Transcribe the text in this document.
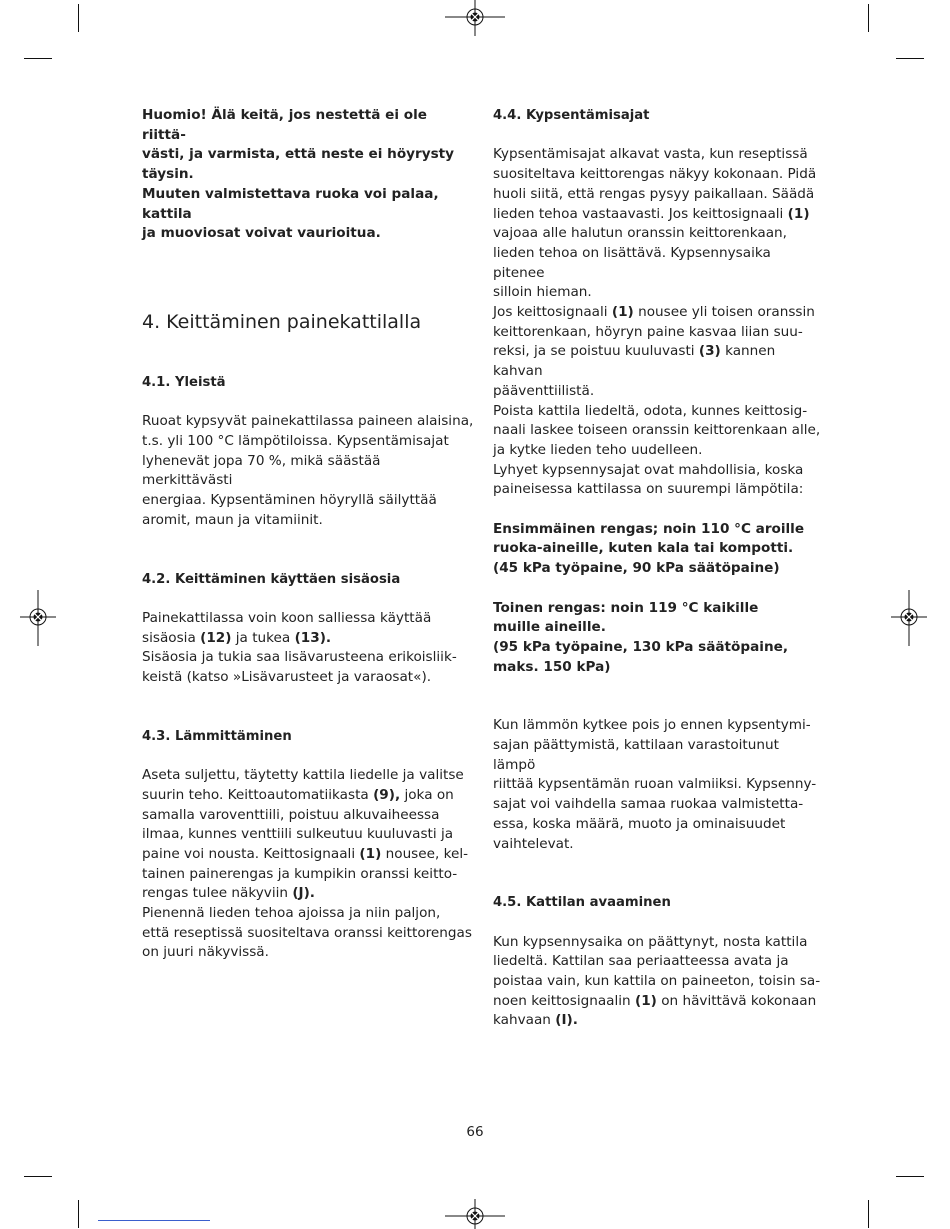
Huomio! Älä keitä, jos nestettä ei ole riittä-
västi, ja varmista, että neste ei höyrysty täysin.
Muuten valmistettava ruoka voi palaa, kattila
ja muoviosat voivat vaurioitua.

4. Keittäminen painekattilalla
4.1. Yleistä

Ruoat kypsyvät painekattilassa paineen alaisina,
t.s. yli 100 °C lämpötiloissa. Kypsentämisajat
lyhenevät jopa 70 %, mikä säästää merkittävästi
energiaa. Kypsentäminen höyryllä säilyttää
aromit, maun ja vitamiinit.

4.2. Keittäminen käyttäen sisäosia

Painekattilassa voin koon salliessa käyttää
sisäosia (12) ja tukea (13).
Sisäosia ja tukia saa lisävarusteena erikoisliik-
keistä (katso »Lisävarusteet ja varaosat«).

4.3. Lämmittäminen

Aseta suljettu, täytetty kattila liedelle ja valitse
suurin teho. Keittoautomatiikasta (9), joka on
samalla varoventtiili, poistuu alkuvaiheessa
ilmaa, kunnes venttiili sulkeutuu kuuluvasti ja
paine voi nousta. Keittosignaali (1) nousee, kel-
tainen painerengas ja kumpikin oranssi keitto-
rengas tulee näkyviin (J).
Pienennä lieden tehoa ajoissa ja niin paljon,
että reseptissä suositeltava oranssi keittorengas
on juuri näkyvissä.

4.4. Kypsentämisajat

Kypsentämisajat alkavat vasta, kun reseptissä
suositeltava keittorengas näkyy kokonaan. Pidä
huoli siitä, että rengas pysyy paikallaan. Säädä
lieden tehoa vastaavasti. Jos keittosignaali (1)
vajoaa alle halutun oranssin keittorenkaan,
lieden tehoa on lisättävä. Kypsennysaika pitenee
silloin hieman.
Jos keittosignaali (1) nousee yli toisen oranssin
keittorenkaan, höyryn paine kasvaa liian suu-
reksi, ja se poistuu kuuluvasti (3) kannen kahvan
pääventtiilistä.
Poista kattila liedeltä, odota, kunnes keittosig-
naali laskee toiseen oranssin keittorenkaan alle,
ja kytke lieden teho uudelleen.
Lyhyet kypsennysajat ovat mahdollisia, koska
paineisessa kattilassa on suurempi lämpötila:

Ensimmäinen rengas; noin 110 °C aroille
ruoka-aineille, kuten kala tai kompotti.
(45 kPa työpaine, 90 kPa säätöpaine)

Toinen rengas: noin 119 °C kaikille
muille aineille.
(95 kPa työpaine, 130 kPa säätöpaine,
maks. 150 kPa)

Kun lämmön kytkee pois jo ennen kypsentymi-
sajan päättymistä, kattilaan varastoitunut lämpö
riittää kypsentämän ruoan valmiiksi. Kypsenny-
sajat voi vaihdella samaa ruokaa valmistetta-
essa, koska määrä, muoto ja ominaisuudet
vaihtelevat.

4.5. Kattilan avaaminen

Kun kypsennysaika on päättynyt, nosta kattila
liedeltä. Kattilan saa periaatteessa avata ja
poistaa vain, kun kattila on paineeton, toisin sa-
noen keittosignaalin (1) on hävittävä kokonaan
kahvaan (I).

66
